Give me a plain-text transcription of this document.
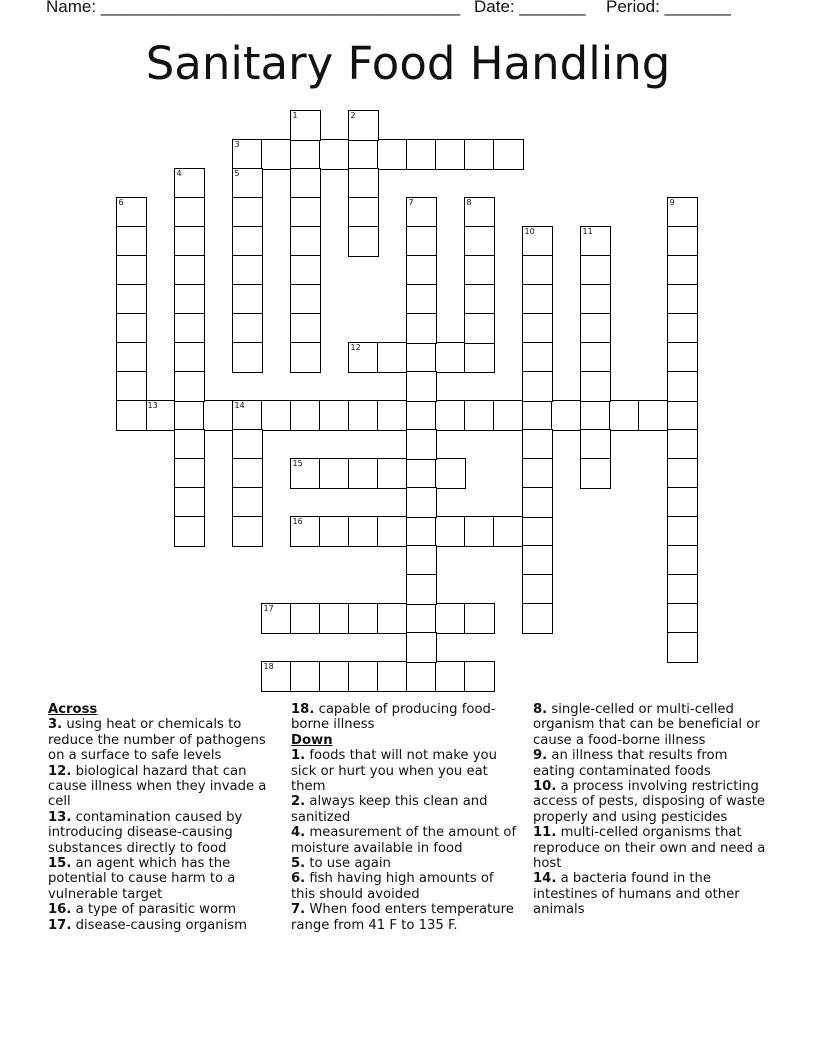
Name: ______________________________________ Date: _______ Period: _______
Sanitary Food Handling
3
12
13	14
15
16
17
18
1	2
4	5
6	7	8	9
10	11
Across
3. using heat or chemicals to reduce the number of pathogens on a surface to safe levels
12. biological hazard that can cause illness when they invade a cell
13. contamination caused by introducing disease-causing substances directly to food
15. an agent which has the potential to cause harm to a vulnerable target
16. a type of parasitic worm
17. disease-causing organism
18. capable of producing food-borne illness
Down
1. foods that will not make you sick or hurt you when you eat them
2. always keep this clean and sanitized
4. measurement of the amount of moisture available in food
5. to use again
6. fish having high amounts of this should avoided
7. When food enters temperature range from 41 F to 135 F.
8. single-celled or multi-celled organism that can be beneficial or cause a food-borne illness
9. an illness that results from eating contaminated foods
10. a process involving restricting access of pests, disposing of waste properly and using pesticides
11. multi-celled organisms that reproduce on their own and need a host
14. a bacteria found in the intestines of humans and other animals
